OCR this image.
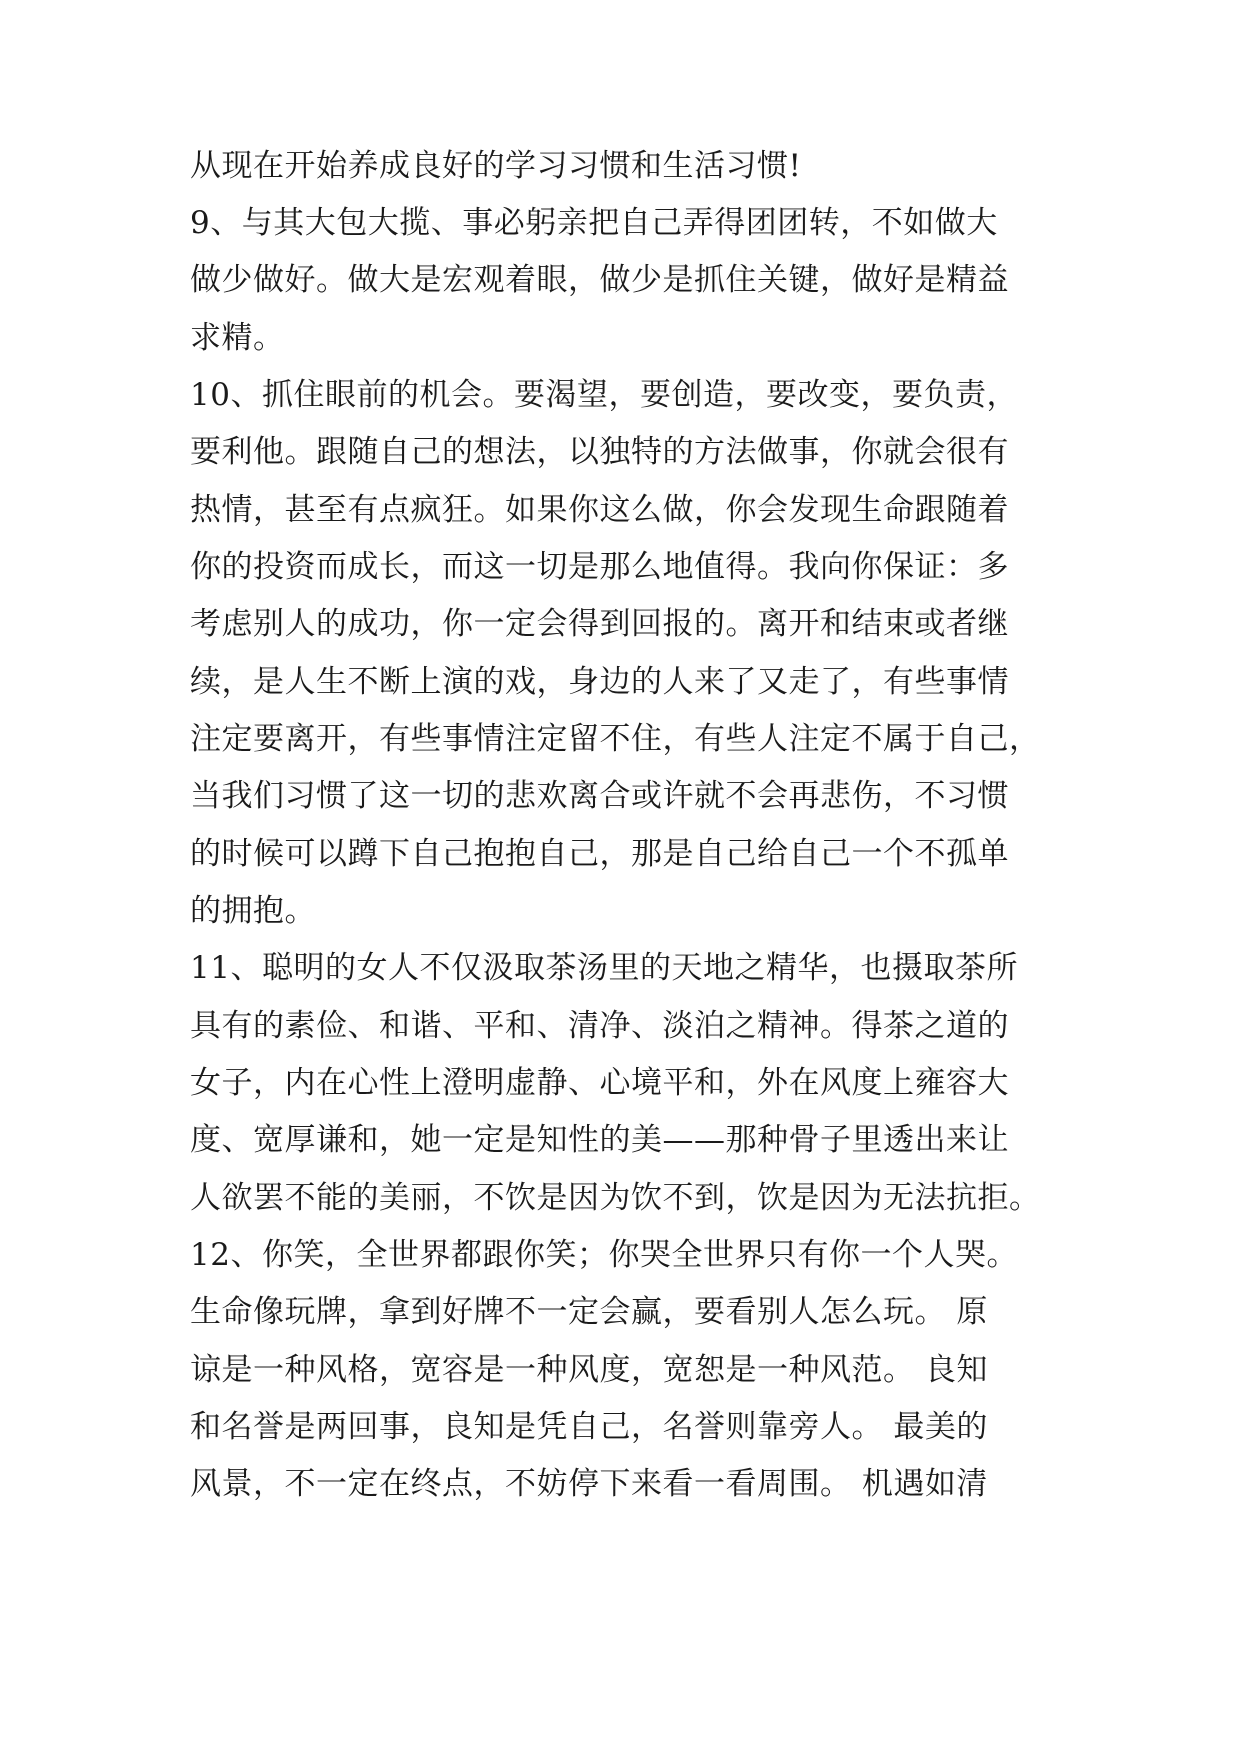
从现在开始养成良好的学习习惯和生活习惯!
9、与其大包大揽、事必躬亲把自己弄得团团转，不如做大
做少做好。做大是宏观着眼，做少是抓住关键，做好是精益
求精。
10、抓住眼前的机会。要渴望，要创造，要改变，要负责，
要利他。跟随自己的想法，以独特的方法做事，你就会很有
热情，甚至有点疯狂。如果你这么做，你会发现生命跟随着
你的投资而成长，而这一切是那么地值得。我向你保证：多
考虑别人的成功，你一定会得到回报的。离开和结束或者继
续，是人生不断上演的戏，身边的人来了又走了，有些事情
注定要离开，有些事情注定留不住，有些人注定不属于自己，
当我们习惯了这一切的悲欢离合或许就不会再悲伤，不习惯
的时候可以蹲下自己抱抱自己，那是自己给自己一个不孤单
的拥抱。
11、聪明的女人不仅汲取茶汤里的天地之精华，也摄取茶所
具有的素俭、和谐、平和、清净、淡泊之精神。得茶之道的
女子，内在心性上澄明虚静、心境平和，外在风度上雍容大
度、宽厚谦和，她一定是知性的美——那种骨子里透出来让
人欲罢不能的美丽，不饮是因为饮不到，饮是因为无法抗拒。
12、你笑，全世界都跟你笑；你哭全世界只有你一个人哭。
生命像玩牌，拿到好牌不一定会赢，要看别人怎么玩。 原
谅是一种风格，宽容是一种风度，宽恕是一种风范。 良知
和名誉是两回事，良知是凭自己，名誉则靠旁人。 最美的
风景，不一定在终点，不妨停下来看一看周围。 机遇如清
